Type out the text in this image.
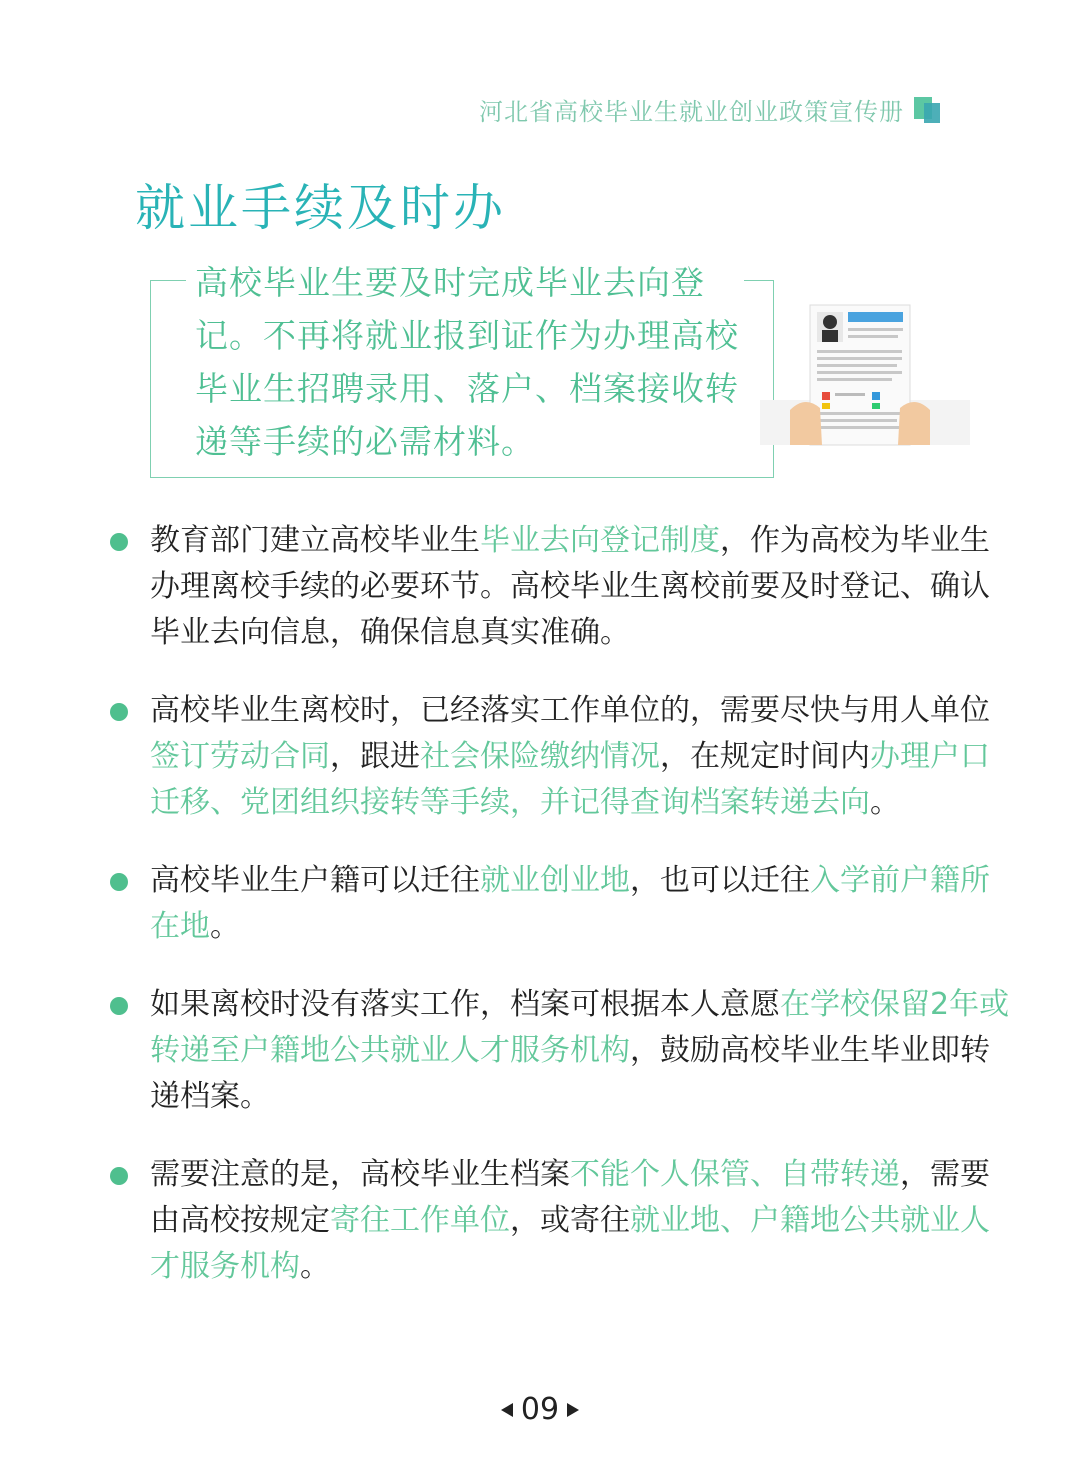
河北省高校毕业生就业创业政策宣传册
就业手续及时办
高校毕业生要及时完成毕业去向登记。不再将就业报到证作为办理高校毕业生招聘录用、落户、档案接收转递等手续的必需材料。
教育部门建立高校毕业生毕业去向登记制度，作为高校为毕业生办理离校手续的必要环节。高校毕业生离校前要及时登记、确认毕业去向信息，确保信息真实准确。
高校毕业生离校时，已经落实工作单位的，需要尽快与用人单位签订劳动合同，跟进社会保险缴纳情况，在规定时间内办理户口迁移、党团组织接转等手续，并记得查询档案转递去向。
高校毕业生户籍可以迁往就业创业地，也可以迁往入学前户籍所在地。
如果离校时没有落实工作，档案可根据本人意愿在学校保留2年或转递至户籍地公共就业人才服务机构，鼓励高校毕业生毕业即转递档案。
需要注意的是，高校毕业生档案不能个人保管、自带转递，需要由高校按规定寄往工作单位，或寄往就业地、户籍地公共就业人才服务机构。
09
